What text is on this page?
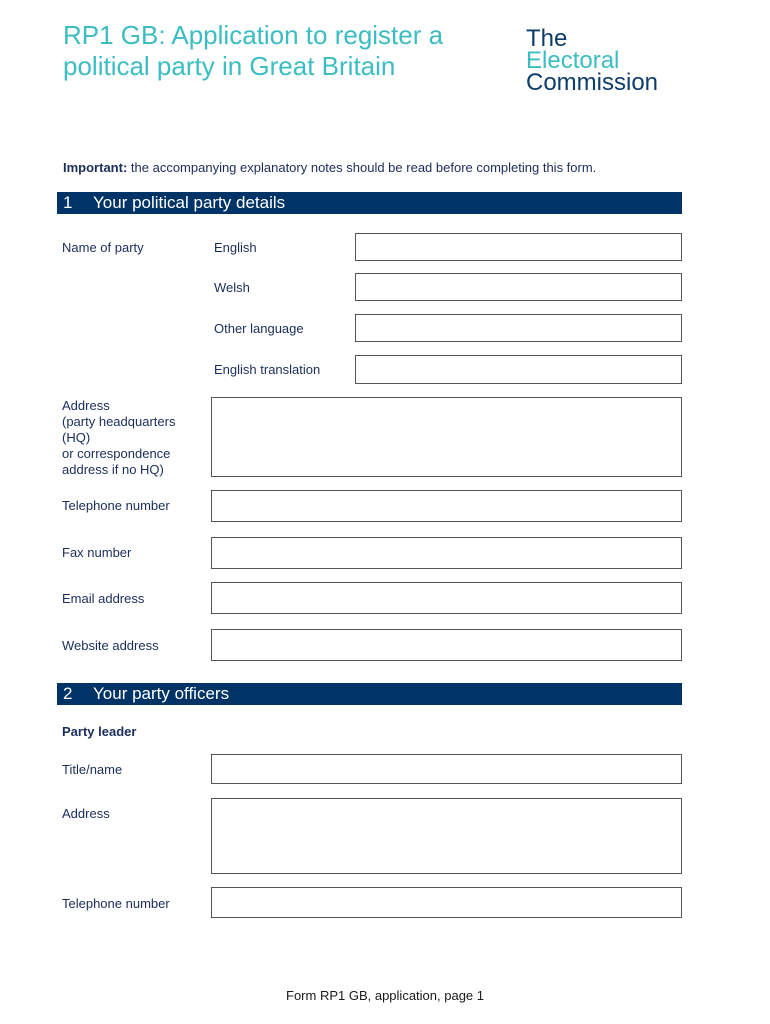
RP1 GB: Application to register a political party in Great Britain
The
Electoral
Commission
Important: the accompanying explanatory notes should be read before completing this form.
1 Your political party details
Name of party	English
Welsh
Other language
English translation
Address
(party headquarters
(HQ)
or correspondence
address if no HQ)
Telephone number
Fax number
Email address
Website address
2 Your party officers
Party leader
Title/name
Address
Telephone number
Form RP1 GB, application, page 1
